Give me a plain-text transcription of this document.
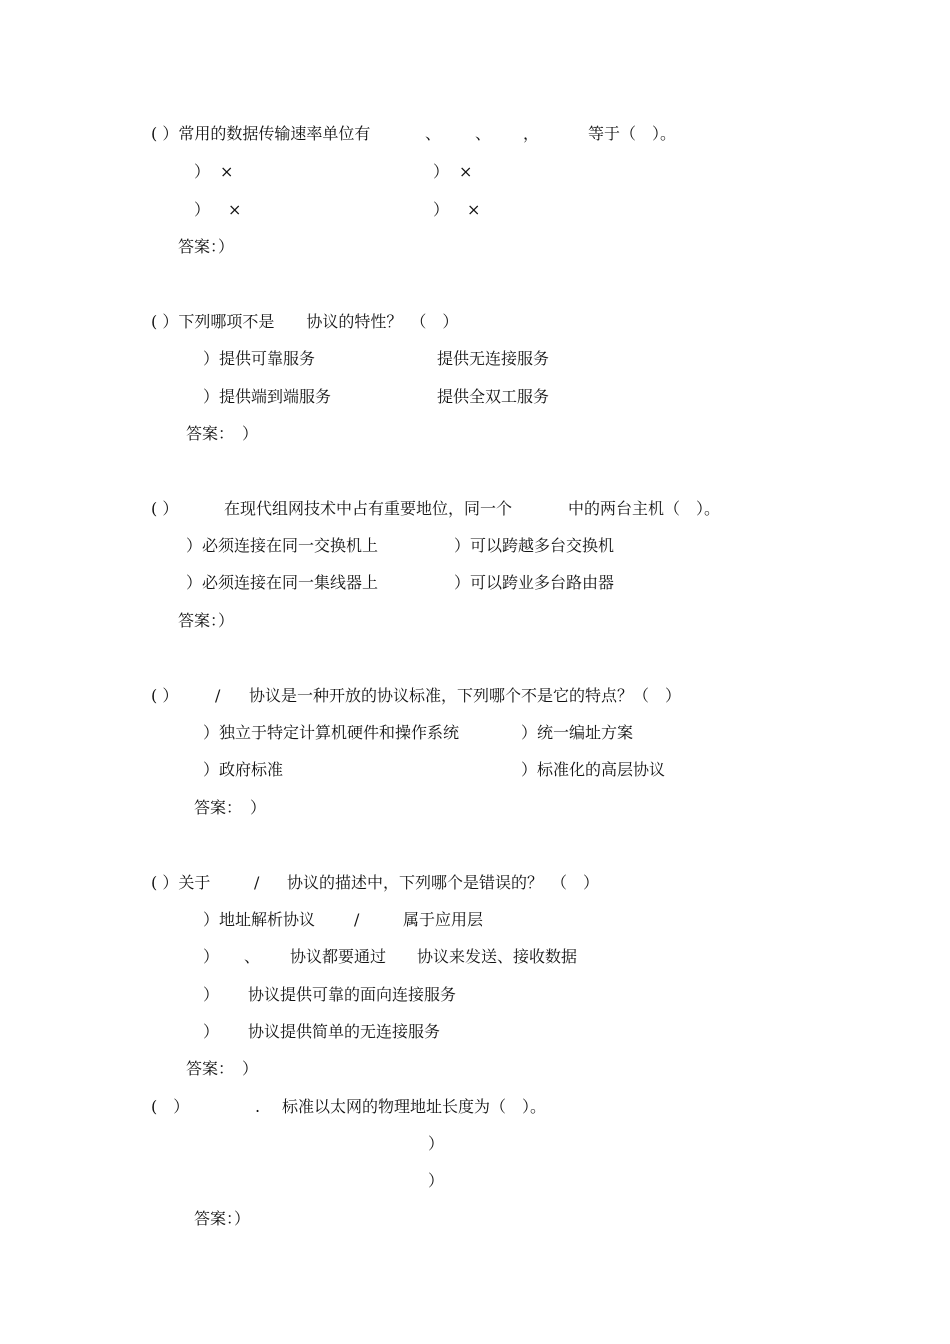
( ）常用的数据传输速率单位有	、 、 ，	等于（　）。
） ×	） ×
） ×	） ×
答案：）
( ）下列哪项不是　　协议的特性？　（　）
）提供可靠服务	提供无连接服务
）提供端到端服务	提供全双工服务
答案：　）
( ）	在现代组网技术中占有重要地位，同一个	中的两台主机（　）。
）必须连接在同一交换机上	）可以跨越多台交换机
）必须连接在同一集线器上	）可以跨业多台路由器
答案：）
( ） / 协议是一种开放的协议标准，下列哪个不是它的特点？（　）
）独立于特定计算机硬件和操作系统	）统一编址方案
）政府标准	）标准化的高层协议
答案：　）
( ）关于	/ 协议的描述中，下列哪个是错误的？　（　）
）地址解析协议 /	属于应用层
） 、 协议都要通过 协议来发送、接收数据
） 协议提供可靠的面向连接服务
） 协议提供简单的无连接服务
答案：　）
(　）	. 标准以太网的物理地址长度为（　）。
）
）
答案：）
